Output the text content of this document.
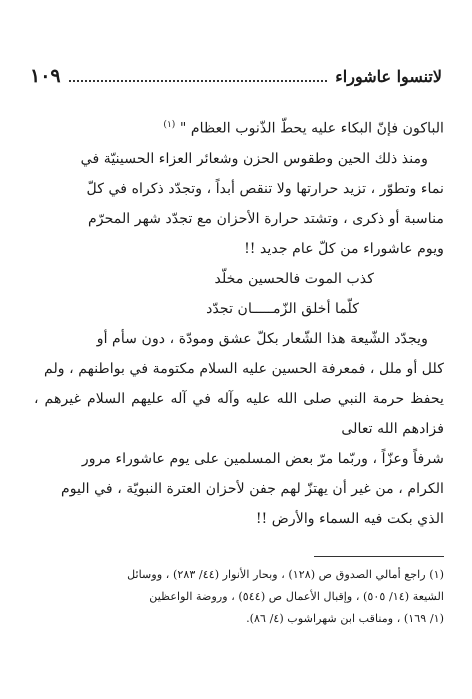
لاتنسوا عاشوراء
١٠٩

الباكون فإنّ البكاء عليه يحطّ الذّنوب العظام " $^{(١)}$

ومنذ ذلك الحين وطقوس الحزن وشعائر العزاء الحسينيّة في

نماء وتطوّر ، تزيد حرارتها ولا تنقص أبداً ، وتجدّد ذكراه في كلّ

مناسبة أو ذكرى ، وتشتد حرارة الأحزان مع تجدّد شهر المحرّم

ويوم عاشوراء من كلّ عام جديد !!

كذب الموت فالحسين مخلّد

كلّما أخلق الزّمـــــان تجدّد

ويجدّد الشّيعة هذا الشّعار بكلّ عشق ومودّة ، دون سأم أو

كلل أو ملل ، فمعرفة الحسين عليه السلام مكتومة في بواطنهم ، ولم

يحفظ حرمة النبي صلى الله عليه وآله في آله عليهم السلام غيرهم ، فزادهم الله تعالى

شرفاً وعزّاً ، وربّما مرّ بعض المسلمين على يوم عاشوراء مرور

الكرام ، من غير أن يهتزّ لهم جفن لأحزان العترة النبويّة ، في اليوم

الذي بكت فيه السماء والأرض !!

(١) راجع أمالي الصدوق ص (١٢٨) ، وبحار الأنوار (٤٤/ ٢٨٣) ، ووسائل
الشيعة (١٤/ ٥٠٥) ، وإقبال الأعمال ص (٥٤٤) ، وروضة الواعظين
(١/ ١٦٩) ، ومناقب ابن شهراشوب (٤/ ٨٦).
